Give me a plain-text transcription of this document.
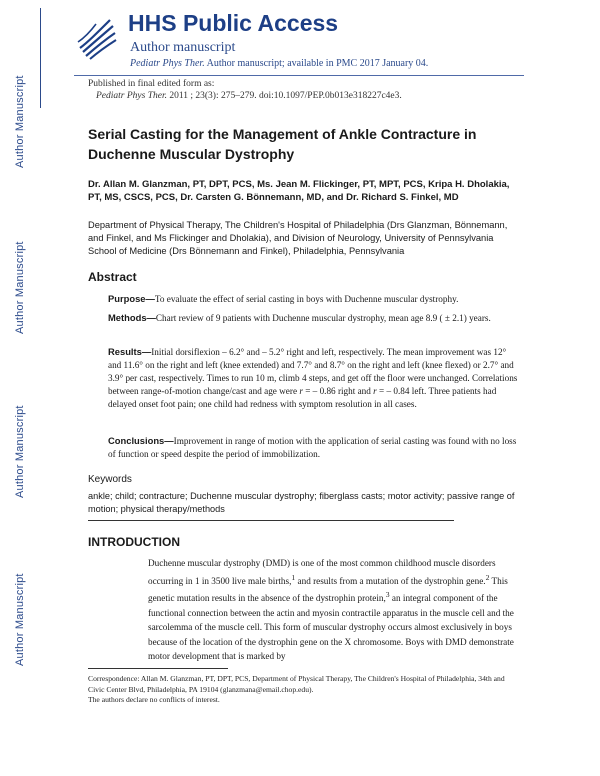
Author Manuscript
Author Manuscript
Author Manuscript
Author Manuscript
HHS Public Access
Author manuscript
Pediatr Phys Ther. Author manuscript; available in PMC 2017 January 04.
Published in final edited form as:
Pediatr Phys Ther. 2011 ; 23(3): 275–279. doi:10.1097/PEP.0b013e318227c4e3.
Serial Casting for the Management of Ankle Contracture in Duchenne Muscular Dystrophy
Dr. Allan M. Glanzman, PT, DPT, PCS, Ms. Jean M. Flickinger, PT, MPT, PCS, Kripa H. Dholakia, PT, MS, CSCS, PCS, Dr. Carsten G. Bönnemann, MD, and Dr. Richard S. Finkel, MD
Department of Physical Therapy, The Children's Hospital of Philadelphia (Drs Glanzman, Bönnemann, and Finkel, and Ms Flickinger and Dholakia), and Division of Neurology, University of Pennsylvania School of Medicine (Drs Bönnemann and Finkel), Philadelphia, Pennsylvania
Abstract
Purpose—To evaluate the effect of serial casting in boys with Duchenne muscular dystrophy.
Methods—Chart review of 9 patients with Duchenne muscular dystrophy, mean age 8.9 ( ± 2.1) years.
Results—Initial dorsiflexion – 6.2° and – 5.2° right and left, respectively. The mean improvement was 12° and 11.6° on the right and left (knee extended) and 7.7° and 8.7° on the right and left (knee flexed) or 2.7° and 3.9° per cast, respectively. Times to run 10 m, climb 4 steps, and get off the floor were unchanged. Correlations between range-of-motion change/cast and age were r = – 0.86 right and r = – 0.84 left. Three patients had delayed onset foot pain; one child had redness with symptom resolution in all cases.
Conclusions—Improvement in range of motion with the application of serial casting was found with no loss of function or speed despite the period of immobilization.
Keywords
ankle; child; contracture; Duchenne muscular dystrophy; fiberglass casts; motor activity; passive range of motion; physical therapy/methods
INTRODUCTION
Duchenne muscular dystrophy (DMD) is one of the most common childhood muscle disorders occurring in 1 in 3500 live male births,$^1$ and results from a mutation of the dystrophin gene.$^2$ This genetic mutation results in the absence of the dystrophin protein,$^3$ an integral component of the functional connection between the actin and myosin contractile apparatus in the muscle cell and the sarcolemma of the muscle cell. This form of muscular dystrophy occurs almost exclusively in boys because of the location of the dystrophin gene on the X chromosome. Boys with DMD demonstrate motor development that is marked by
Correspondence: Allan M. Glanzman, PT, DPT, PCS, Department of Physical Therapy, The Children's Hospital of Philadelphia, 34th and Civic Center Blvd, Philadelphia, PA 19104 (glanzmana@email.chop.edu).
The authors declare no conflicts of interest.
